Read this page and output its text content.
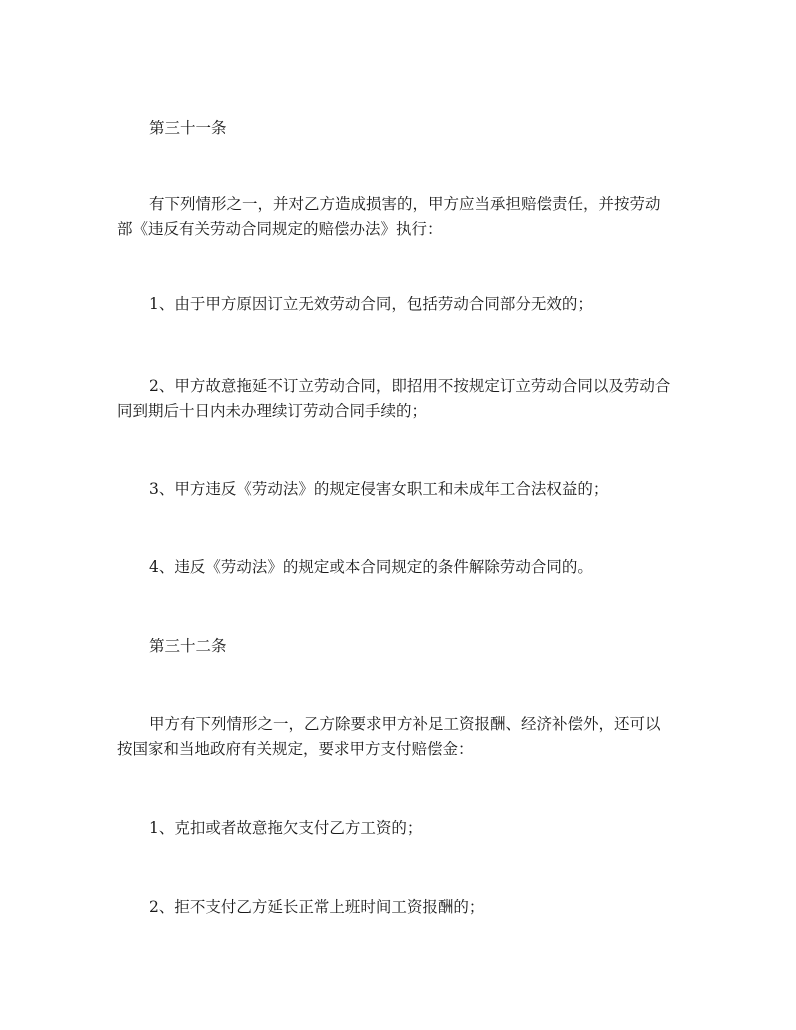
第三十一条

有下列情形之一，并对乙方造成损害的，甲方应当承担赔偿责任，并按劳动部《违反有关劳动合同规定的赔偿办法》执行：

1、由于甲方原因订立无效劳动合同，包括劳动合同部分无效的；

2、甲方故意拖延不订立劳动合同，即招用不按规定订立劳动合同以及劳动合同到期后十日内未办理续订劳动合同手续的；

3、甲方违反《劳动法》的规定侵害女职工和未成年工合法权益的；

4、违反《劳动法》的规定或本合同规定的条件解除劳动合同的。

第三十二条

甲方有下列情形之一，乙方除要求甲方补足工资报酬、经济补偿外，还可以按国家和当地政府有关规定，要求甲方支付赔偿金：

1、克扣或者故意拖欠支付乙方工资的；

2、拒不支付乙方延长正常上班时间工资报酬的；
